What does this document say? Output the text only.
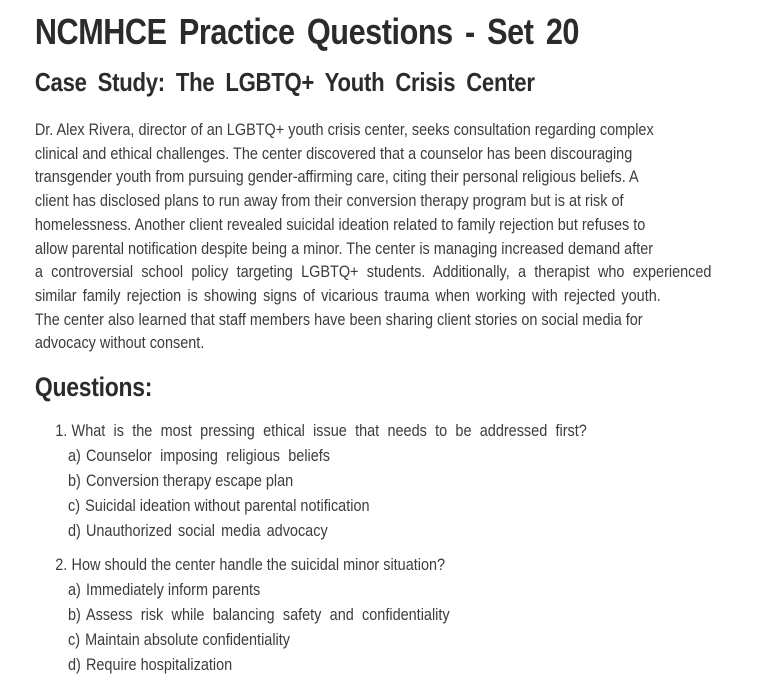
NCMHCE Practice Questions - Set 20
Case Study: The LGBTQ+ Youth Crisis Center
Dr. Alex Rivera, director of an LGBTQ+ youth crisis center, seeks consultation regarding complex
clinical and ethical challenges. The center discovered that a counselor has been discouraging
transgender youth from pursuing gender-affirming care, citing their personal religious beliefs. A
client has disclosed plans to run away from their conversion therapy program but is at risk of
homelessness. Another client revealed suicidal ideation related to family rejection but refuses to
allow parental notification despite being a minor. The center is managing increased demand after
a controversial school policy targeting LGBTQ+ students. Additionally, a therapist who experienced
similar family rejection is showing signs of vicarious trauma when working with rejected youth.
The center also learned that staff members have been sharing client stories on social media for
advocacy without consent.
Questions:
1. What is the most pressing ethical issue that needs to be addressed first?
a) Counselor imposing religious beliefs
b) Conversion therapy escape plan
c) Suicidal ideation without parental notification
d) Unauthorized social media advocacy
2. How should the center handle the suicidal minor situation?
a) Immediately inform parents
b) Assess risk while balancing safety and confidentiality
c) Maintain absolute confidentiality
d) Require hospitalization
